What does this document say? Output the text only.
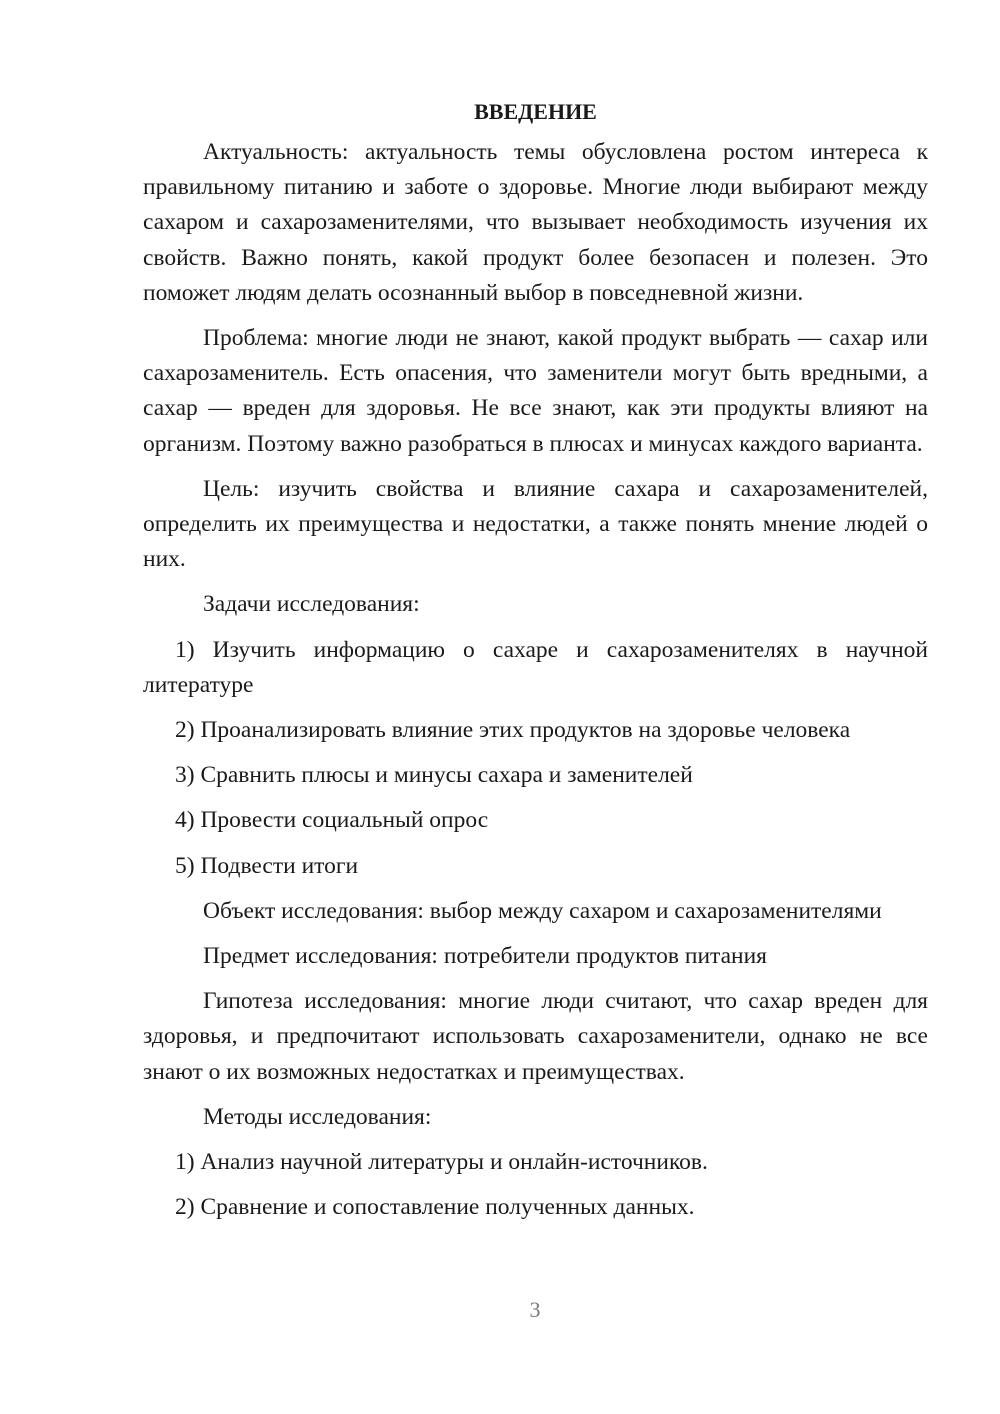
ВВЕДЕНИЕ

Актуальность: актуальность темы обусловлена ростом интереса к правильному питанию и заботе о здоровье. Многие люди выбирают между сахаром и сахарозаменителями, что вызывает необходимость изучения их свойств. Важно понять, какой продукт более безопасен и полезен. Это поможет людям делать осознанный выбор в повседневной жизни.

Проблема: многие люди не знают, какой продукт выбрать — сахар или сахарозаменитель. Есть опасения, что заменители могут быть вредными, а сахар — вреден для здоровья. Не все знают, как эти продукты влияют на организм. Поэтому важно разобраться в плюсах и минусах каждого варианта.

Цель: изучить свойства и влияние сахара и сахарозаменителей, определить их преимущества и недостатки, а также понять мнение людей о них.

Задачи исследования:

1) Изучить информацию о сахаре и сахарозаменителях в научной литературе

2) Проанализировать влияние этих продуктов на здоровье человека

3) Сравнить плюсы и минусы сахара и заменителей

4) Провести социальный опрос

5) Подвести итоги

Объект исследования: выбор между сахаром и сахарозаменителями

Предмет исследования: потребители продуктов питания

Гипотеза исследования: многие люди считают, что сахар вреден для здоровья, и предпочитают использовать сахарозаменители, однако не все знают о их возможных недостатках и преимуществах.

Методы исследования:

1) Анализ научной литературы и онлайн-источников.

2) Сравнение и сопоставление полученных данных.

3
